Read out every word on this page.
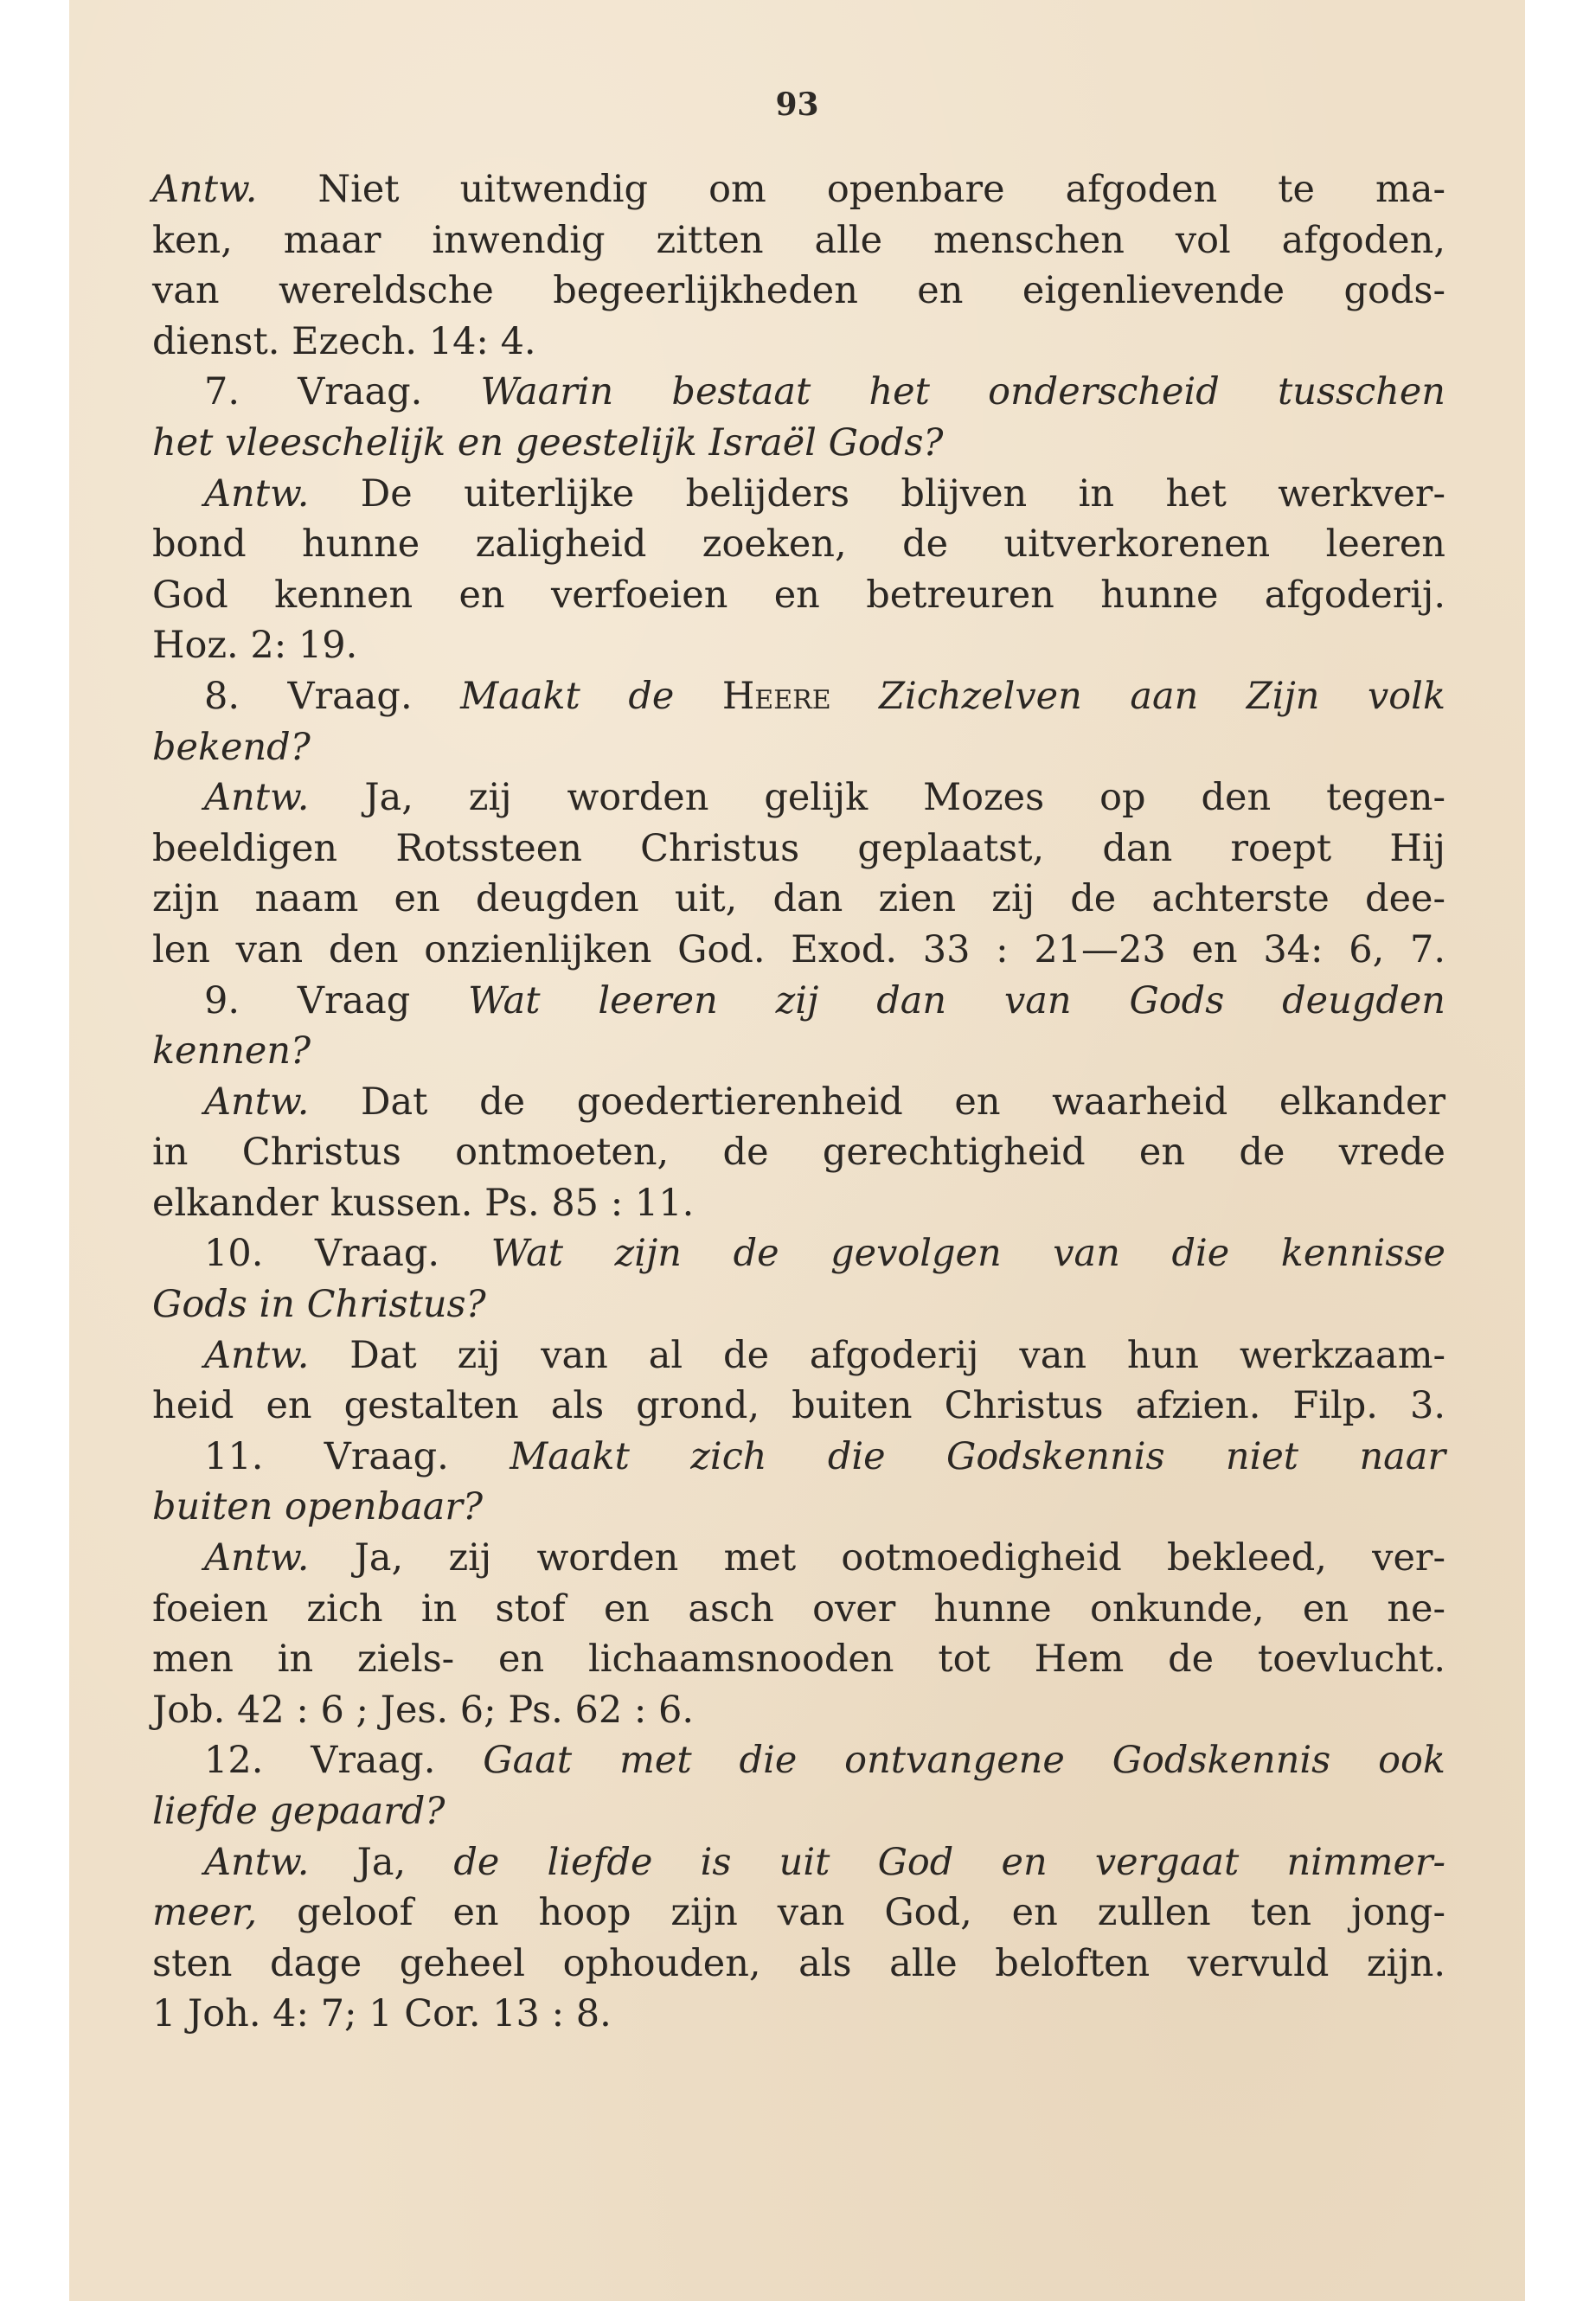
93
Antw. Niet uitwendig om openbare afgoden te ma-
ken, maar inwendig zitten alle menschen vol afgoden,
van wereldsche begeerlijkheden en eigenlievende gods-
dienst. Ezech. 14: 4.
7. Vraag. Waarin bestaat het onderscheid tusschen
het vleeschelijk en geestelijk Israël Gods?
Antw. De uiterlijke belijders blijven in het werkver-
bond hunne zaligheid zoeken, de uitverkorenen leeren
God kennen en verfoeien en betreuren hunne afgoderij.
Hoz. 2: 19.
8. Vraag. Maakt de Heere Zichzelven aan Zijn volk
bekend?
Antw. Ja, zij worden gelijk Mozes op den tegen-
beeldigen Rotssteen Christus geplaatst, dan roept Hij
zijn naam en deugden uit, dan zien zij de achterste dee-
len van den onzienlijken God. Exod. 33 : 21—23 en 34: 6, 7.
9. Vraag Wat leeren zij dan van Gods deugden
kennen?
Antw. Dat de goedertierenheid en waarheid elkander
in Christus ontmoeten, de gerechtigheid en de vrede
elkander kussen. Ps. 85 : 11.
10. Vraag. Wat zijn de gevolgen van die kennisse
Gods in Christus?
Antw. Dat zij van al de afgoderij van hun werkzaam-
heid en gestalten als grond, buiten Christus afzien. Filp. 3.
11. Vraag. Maakt zich die Godskennis niet naar
buiten openbaar?
Antw. Ja, zij worden met ootmoedigheid bekleed, ver-
foeien zich in stof en asch over hunne onkunde, en ne-
men in ziels- en lichaamsnooden tot Hem de toevlucht.
Job. 42 : 6 ; Jes. 6; Ps. 62 : 6.
12. Vraag. Gaat met die ontvangene Godskennis ook
liefde gepaard?
Antw. Ja, de liefde is uit God en vergaat nimmer-
meer, geloof en hoop zijn van God, en zullen ten jong-
sten dage geheel ophouden, als alle beloften vervuld zijn.
1 Joh. 4: 7; 1 Cor. 13 : 8.
